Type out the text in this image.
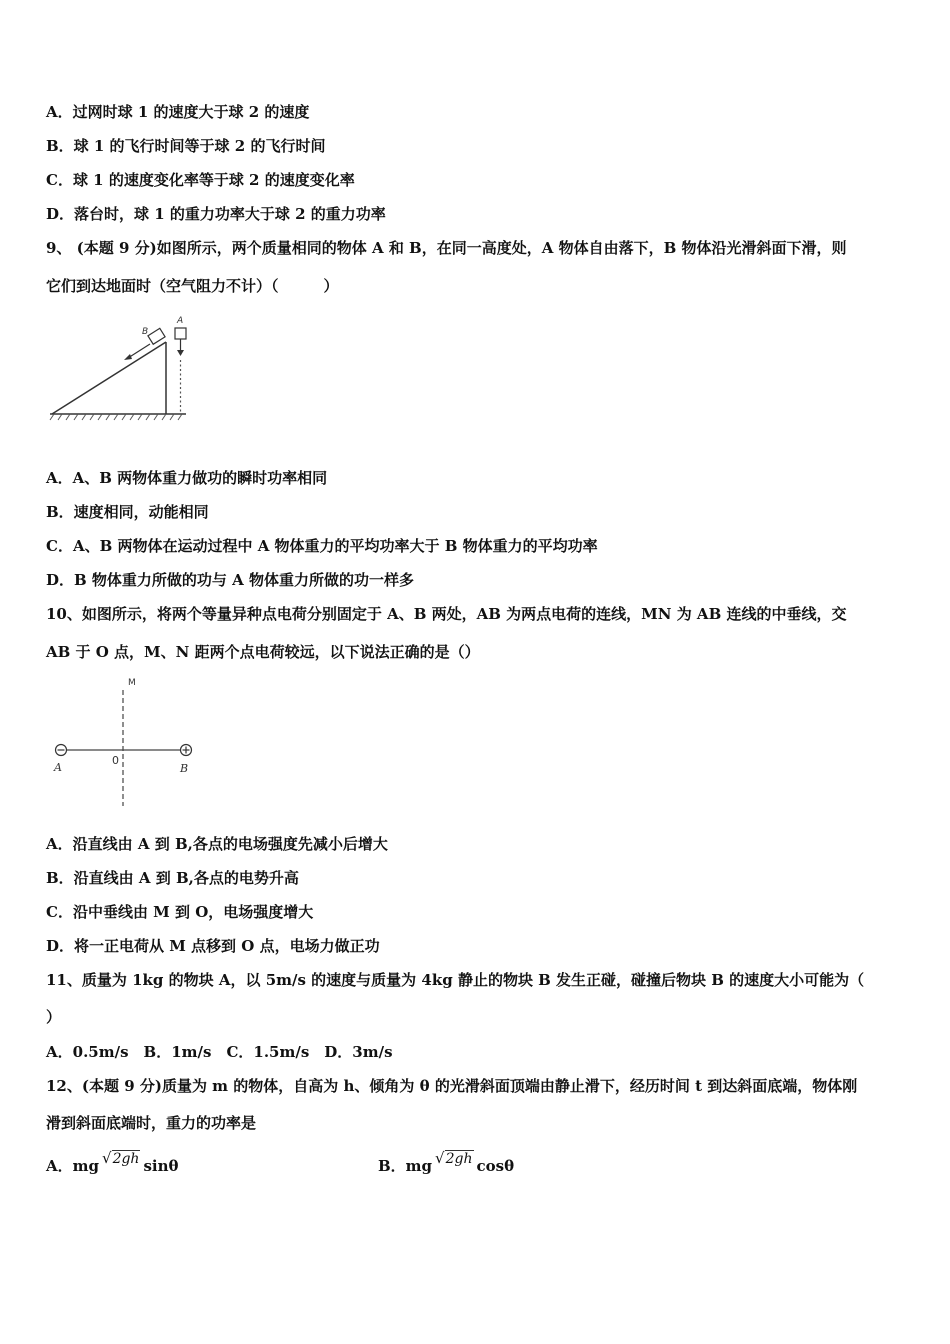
A．过网时球 1 的速度大于球 2 的速度
B．球 1 的飞行时间等于球 2 的飞行时间
C．球 1 的速度变化率等于球 2 的速度变化率
D．落台时，球 1 的重力功率大于球 2 的重力功率
9、 (本题 9 分)如图所示，两个质量相同的物体 A 和 B，在同一高度处，A 物体自由落下，B 物体沿光滑斜面下滑，则
它们到达地面时（空气阻力不计）（　　　）
B
A
A．A、B 两物体重力做功的瞬时功率相同
B．速度相同，动能相同
C．A、B 两物体在运动过程中 A 物体重力的平均功率大于 B 物体重力的平均功率
D．B 物体重力所做的功与 A 物体重力所做的功一样多
10、如图所示，将两个等量异种点电荷分别固定于 A、B 两处，AB 为两点电荷的连线，MN 为 AB 连线的中垂线，交
AB 于 O 点，M、N 距两个点电荷较远，以下说法正确的是（）
M
0
A	B
A．沿直线由 A 到 B,各点的电场强度先减小后增大
B．沿直线由 A 到 B,各点的电势升高
C．沿中垂线由 M 到 O，电场强度增大
D．将一正电荷从 M 点移到 O 点，电场力做正功
11、质量为 1kg 的物块 A，以 5m/s 的速度与质量为 4kg 静止的物块 B 发生正碰，碰撞后物块 B 的速度大小可能为（
）
A．0.5m/s　B．1m/s　C．1.5m/s　D．3m/s
12、(本题 9 分)质量为 m 的物体，自高为 h、倾角为 θ 的光滑斜面顶端由静止滑下，经历时间 t 到达斜面底端，物体刚
滑到斜面底端时，重力的功率是
A．mg √2gh sinθ	B．mg √2gh cosθ
